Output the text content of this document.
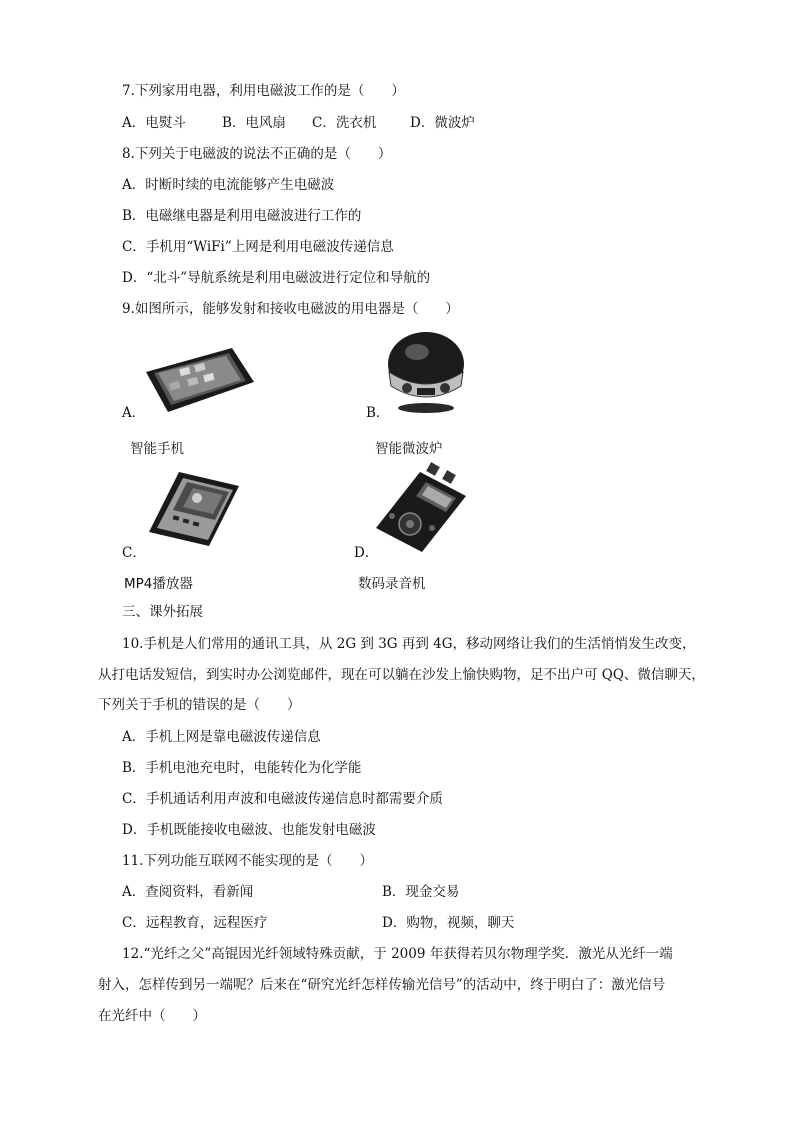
7.下列家用电器，利用电磁波工作的是（　　）
A．电熨斗	B．电风扇 C．洗衣机 D．微波炉
8.下列关于电磁波的说法不正确的是（　　）
A．时断时续的电流能够产生电磁波
B．电磁继电器是利用电磁波进行工作的
C．手机用“WiFi”上网是利用电磁波传递信息
D．“北斗”导航系统是利用电磁波进行定位和导航的
9.如图所示，能够发射和接收电磁波的用电器是（　　）
A．
智能手机
B．
智能微波炉
C．
MP4播放器
D．
数码录音机
三、课外拓展
10.手机是人们常用的通讯工具，从 2G 到 3G 再到 4G，移动网络让我们的生活悄悄发生改变，
从打电话发短信，到实时办公浏览邮件，现在可以躺在沙发上愉快购物，足不出户可 QQ、微信聊天，
下列关于手机的错误的是（　　）
A．手机上网是靠电磁波传递信息
B．手机电池充电时，电能转化为化学能
C．手机通话利用声波和电磁波传递信息时都需要介质
D．手机既能接收电磁波、也能发射电磁波
11.下列功能互联网不能实现的是（　　）
A．查阅资料，看新闻	B．现金交易
C．远程教育，远程医疗	D．购物，视频，聊天
12.“光纤之父”高锟因光纤领域特殊贡献，于 2009 年获得若贝尔物理学奖．激光从光纤一端
射入，怎样传到另一端呢？后来在“研究光纤怎样传输光信号”的活动中，终于明白了：激光信号
在光纤中（　　）
